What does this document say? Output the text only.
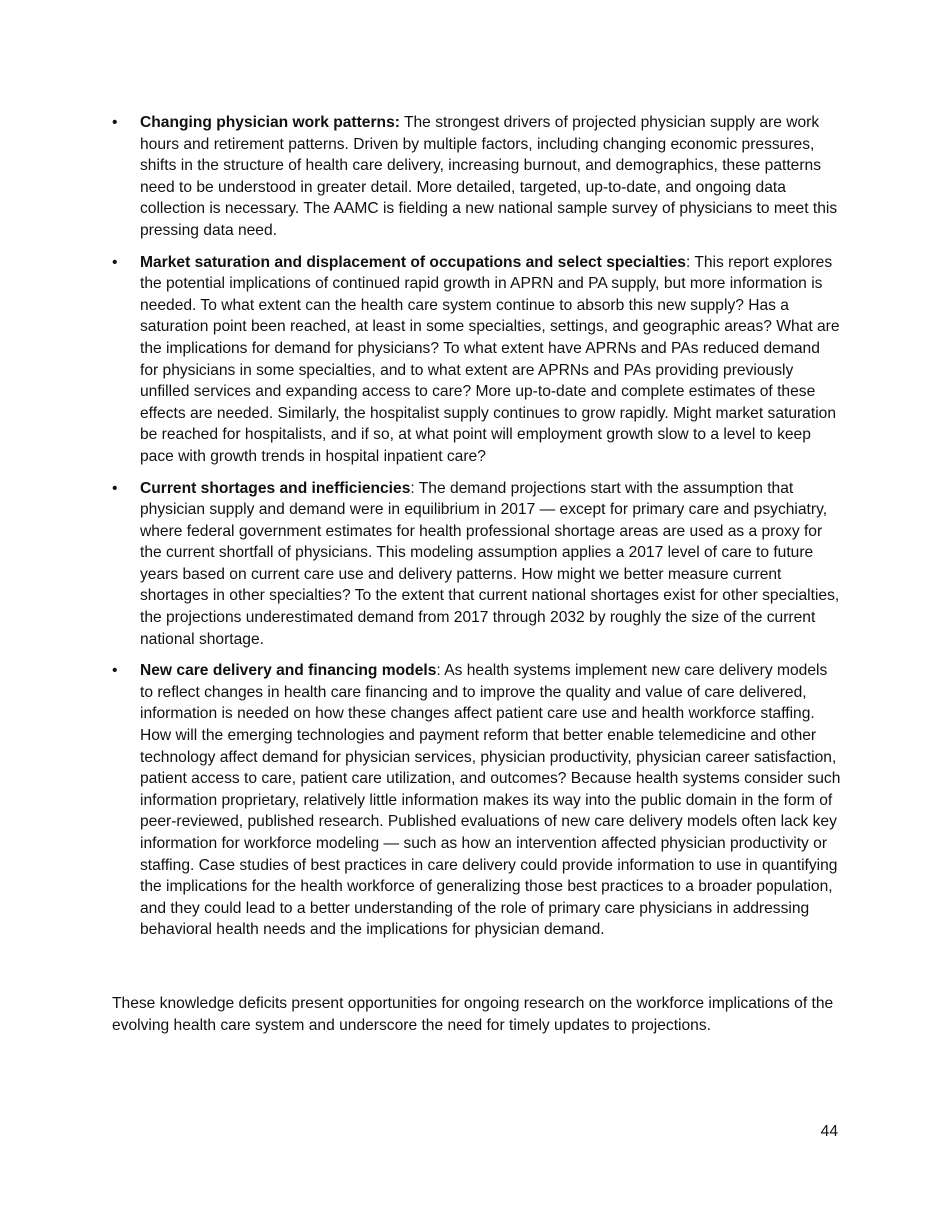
• Changing physician work patterns: The strongest drivers of projected physician supply are work hours and retirement patterns. Driven by multiple factors, including changing economic pressures, shifts in the structure of health care delivery, increasing burnout, and demographics, these patterns need to be understood in greater detail. More detailed, targeted, up-to-date, and ongoing data collection is necessary. The AAMC is fielding a new national sample survey of physicians to meet this pressing data need.
• Market saturation and displacement of occupations and select specialties: This report explores the potential implications of continued rapid growth in APRN and PA supply, but more information is needed. To what extent can the health care system continue to absorb this new supply? Has a saturation point been reached, at least in some specialties, settings, and geographic areas? What are the implications for demand for physicians? To what extent have APRNs and PAs reduced demand for physicians in some specialties, and to what extent are APRNs and PAs providing previously unfilled services and expanding access to care? More up-to-date and complete estimates of these effects are needed. Similarly, the hospitalist supply continues to grow rapidly. Might market saturation be reached for hospitalists, and if so, at what point will employment growth slow to a level to keep pace with growth trends in hospital inpatient care?
• Current shortages and inefficiencies: The demand projections start with the assumption that physician supply and demand were in equilibrium in 2017 — except for primary care and psychiatry, where federal government estimates for health professional shortage areas are used as a proxy for the current shortfall of physicians. This modeling assumption applies a 2017 level of care to future years based on current care use and delivery patterns. How might we better measure current shortages in other specialties? To the extent that current national shortages exist for other specialties, the projections underestimated demand from 2017 through 2032 by roughly the size of the current national shortage.
• New care delivery and financing models: As health systems implement new care delivery models to reflect changes in health care financing and to improve the quality and value of care delivered, information is needed on how these changes affect patient care use and health workforce staffing. How will the emerging technologies and payment reform that better enable telemedicine and other technology affect demand for physician services, physician productivity, physician career satisfaction, patient access to care, patient care utilization, and outcomes? Because health systems consider such information proprietary, relatively little information makes its way into the public domain in the form of peer-reviewed, published research. Published evaluations of new care delivery models often lack key information for workforce modeling — such as how an intervention affected physician productivity or staffing. Case studies of best practices in care delivery could provide information to use in quantifying the implications for the health workforce of generalizing those best practices to a broader population, and they could lead to a better understanding of the role of primary care physicians in addressing behavioral health needs and the implications for physician demand.

These knowledge deficits present opportunities for ongoing research on the workforce implications of the evolving health care system and underscore the need for timely updates to projections.

44
